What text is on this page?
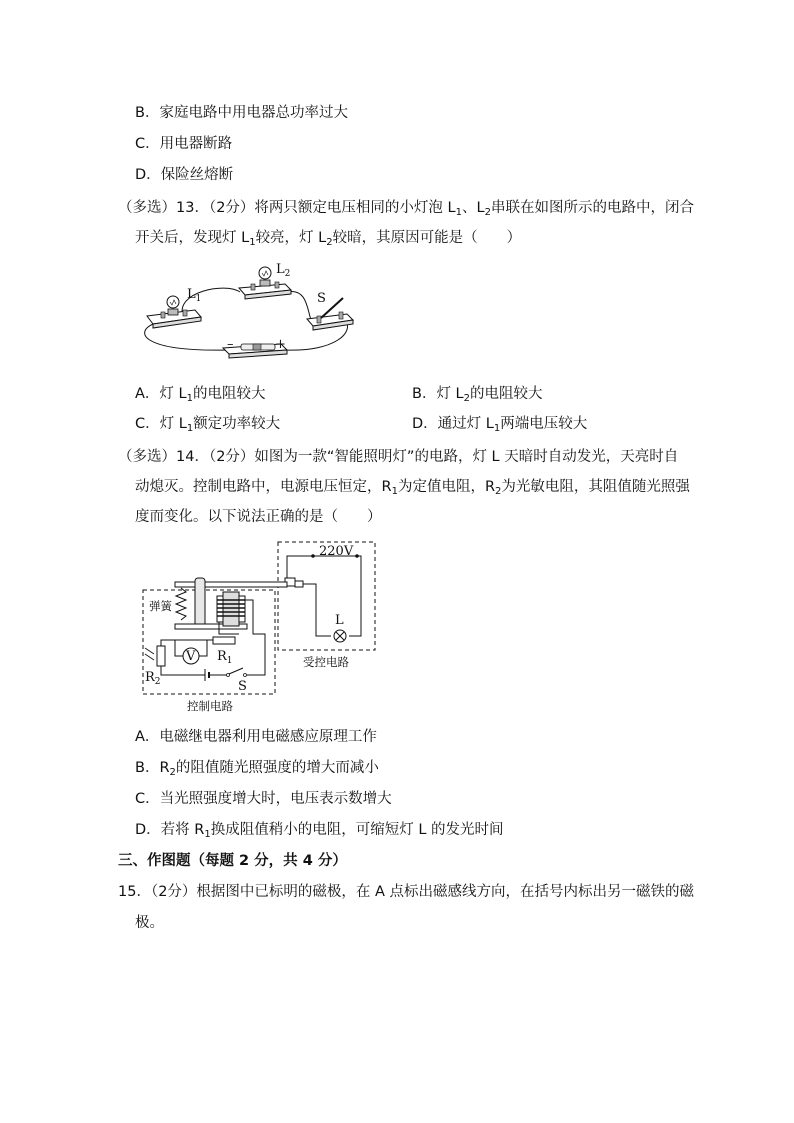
B．家庭电路中用电器总功率过大
C．用电器断路
D．保险丝熔断
（多选）13．（2分）将两只额定电压相同的小灯泡 $L_1$、$L_2$串联在如图所示的电路中，闭合
开关后，发现灯 $L_1$较亮，灯 $L_2$较暗，其原因可能是（　　）
$L_1$
$L_2$
S
–	+
A．灯 $L_1$的电阻较大	B．灯 $L_2$的电阻较大
C．灯 $L_1$额定功率较大	D．通过灯 $L_1$两端电压较大
（多选）14．（2分）如图为一款“智能照明灯”的电路，灯 L 天暗时自动发光，天亮时自
动熄灭。控制电路中，电源电压恒定，$R_1$为定值电阻，$R_2$为光敏电阻，其阻值随光照强
度而变化。以下说法正确的是（　　）
L
220V
弹簧
$R_1$
V
$R_2$	S
受控电路
控制电路
A．电磁继电器利用电磁感应原理工作
B．$R_2$的阻值随光照强度的增大而减小
C．当光照强度增大时，电压表示数增大
D．若将 $R_1$换成阻值稍小的电阻，可缩短灯 L 的发光时间
三、作图题（每题 2 分，共 4 分）
15．（2分）根据图中已标明的磁极，在 A 点标出磁感线方向，在括号内标出另一磁铁的磁
极。
